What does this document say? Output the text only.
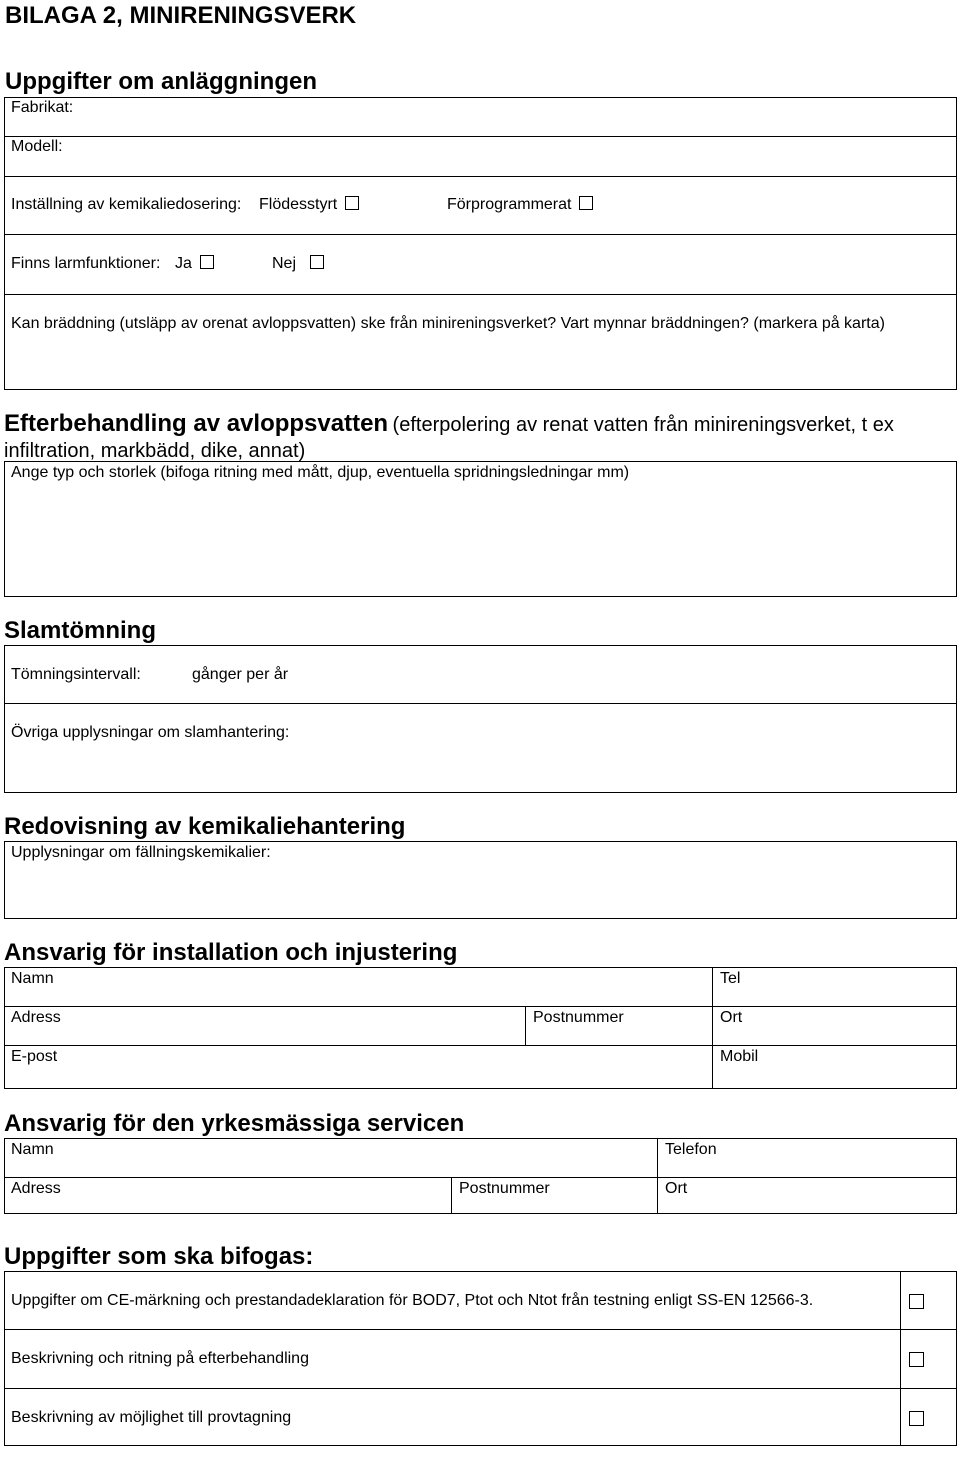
BILAGA 2, MINIRENINGSVERK
Uppgifter om anläggningen
Fabrikat:
Modell:
Inställning av kemikaliedosering: Flödesstyrt	Förprogrammerat
Finns larmfunktioner: Ja	Nej
Kan bräddning (utsläpp av orenat avloppsvatten) ske från minireningsverket? Vart mynnar bräddningen? (markera på karta)
Efterbehandling av avloppsvatten (efterpolering av renat vatten från minireningsverket, t ex
infiltration, markbädd, dike, annat)
Ange typ och storlek (bifoga ritning med mått, djup, eventuella spridningsledningar mm)
Slamtömning
Tömningsintervall:	gånger per år
Övriga upplysningar om slamhantering:
Redovisning av kemikaliehantering
Upplysningar om fällningskemikalier:
Ansvarig för installation och injustering
Namn	Tel
Adress	Postnummer	Ort
E-post	Mobil
Ansvarig för den yrkesmässiga servicen
Namn	Telefon
Adress	Postnummer	Ort
Uppgifter som ska bifogas:
Uppgifter om CE-märkning och prestandadeklaration för BOD7, Ptot och Ntot från testning enligt SS-EN 12566-3.
Beskrivning och ritning på efterbehandling
Beskrivning av möjlighet till provtagning
